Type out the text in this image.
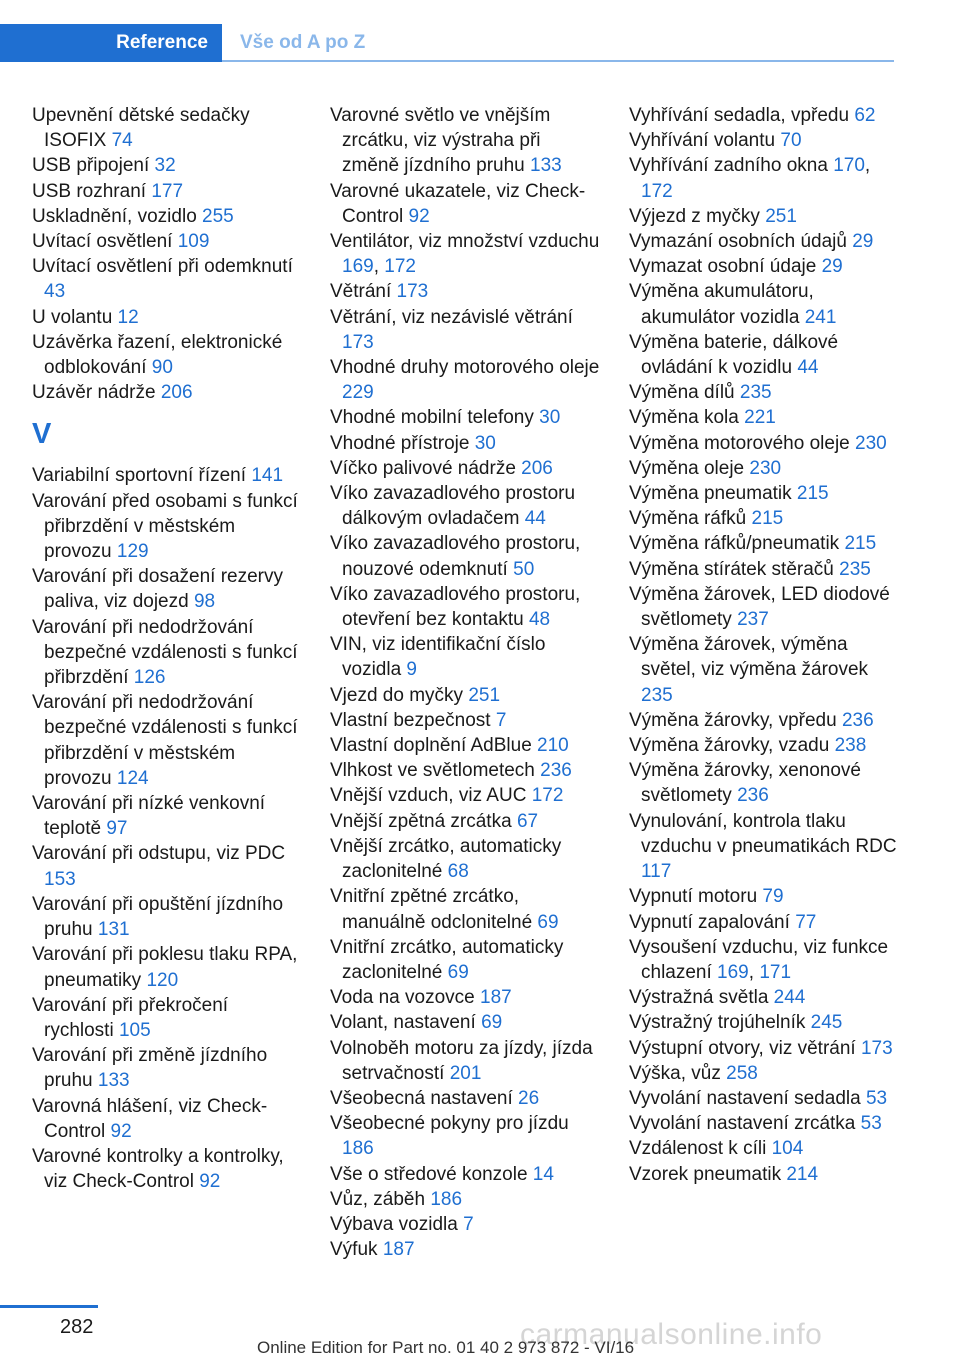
Reference Vše od A po Z

Upevnění dětské sedačky ISOFIX 74

USB připojení 32

USB rozhraní 177

Uskladnění, vozidlo 255

Uvítací osvětlení 109

Uvítací osvětlení při odemknutí 43

U volantu 12

Uzávěrka řazení, elektronické odblokování 90

Uzávěr nádrže 206

V

Variabilní sportovní řízení 141

Varování před osobami s funkcí přibrzdění v městském provozu 129

Varování při dosažení rezervy paliva, viz dojezd 98

Varování při nedodržování bezpečné vzdálenosti s funkcí přibrzdění 126

Varování při nedodržování bezpečné vzdálenosti s funkcí přibrzdění v městském provozu 124

Varování při nízké venkovní teplotě 97

Varování při odstupu, viz PDC 153

Varování při opuštění jízdního pruhu 131

Varování při poklesu tlaku RPA, pneumatiky 120

Varování při překročení rychlosti 105

Varování při změně jízdního pruhu 133

Varovná hlášení, viz Check-Control 92

Varovné kontrolky a kontrolky, viz Check-Control 92

Varovné světlo ve vnějším zrcátku, viz výstraha při změně jízdního pruhu 133

Varovné ukazatele, viz Check-Control 92

Ventilátor, viz množství vzduchu 169, 172

Větrání 173

Větrání, viz nezávislé větrání 173

Vhodné druhy motorového oleje 229

Vhodné mobilní telefony 30

Vhodné přístroje 30

Víčko palivové nádrže 206

Víko zavazadlového prostoru dálkovým ovladačem 44

Víko zavazadlového prostoru, nouzové odemknutí 50

Víko zavazadlového prostoru, otevření bez kontaktu 48

VIN, viz identifikační číslo vozidla 9

Vjezd do myčky 251

Vlastní bezpečnost 7

Vlastní doplnění AdBlue 210

Vlhkost ve světlometech 236

Vnější vzduch, viz AUC 172

Vnější zpětná zrcátka 67

Vnější zrcátko, automaticky zaclonitelné 68

Vnitřní zpětné zrcátko, manuálně odclonitelné 69

Vnitřní zrcátko, automaticky zaclonitelné 69

Voda na vozovce 187

Volant, nastavení 69

Volnoběh motoru za jízdy, jízda setrvačností 201

Všeobecná nastavení 26

Všeobecné pokyny pro jízdu 186

Vše o středové konzole 14

Vůz, záběh 186

Výbava vozidla 7

Výfuk 187

Vyhřívání sedadla, vpředu 62

Vyhřívání volantu 70

Vyhřívání zadního okna 170, 172

Výjezd z myčky 251

Vymazání osobních údajů 29

Vymazat osobní údaje 29

Výměna akumulátoru, akumulátor vozidla 241

Výměna baterie, dálkové ovládání k vozidlu 44

Výměna dílů 235

Výměna kola 221

Výměna motorového oleje 230

Výměna oleje 230

Výměna pneumatik 215

Výměna ráfků 215

Výměna ráfků/pneumatik 215

Výměna stírátek stěračů 235

Výměna žárovek, LED diodové světlomety 237

Výměna žárovek, výměna světel, viz výměna žárovek 235

Výměna žárovky, vpředu 236

Výměna žárovky, vzadu 238

Výměna žárovky, xenonové světlomety 236

Vynulování, kontrola tlaku vzduchu v pneumatikách RDC 117

Vypnutí motoru 79

Vypnutí zapalování 77

Vysoušení vzduchu, viz funkce chlazení 169, 171

Výstražná světla 244

Výstražný trojúhelník 245

Výstupní otvory, viz větrání 173

Výška, vůz 258

Vyvolání nastavení sedadla 53

Vyvolání nastavení zrcátka 53

Vzdálenost k cíli 104

Vzorek pneumatik 214

282	carmanualsonline.info
Online Edition for Part no. 01 40 2 973 872 - VI/16
